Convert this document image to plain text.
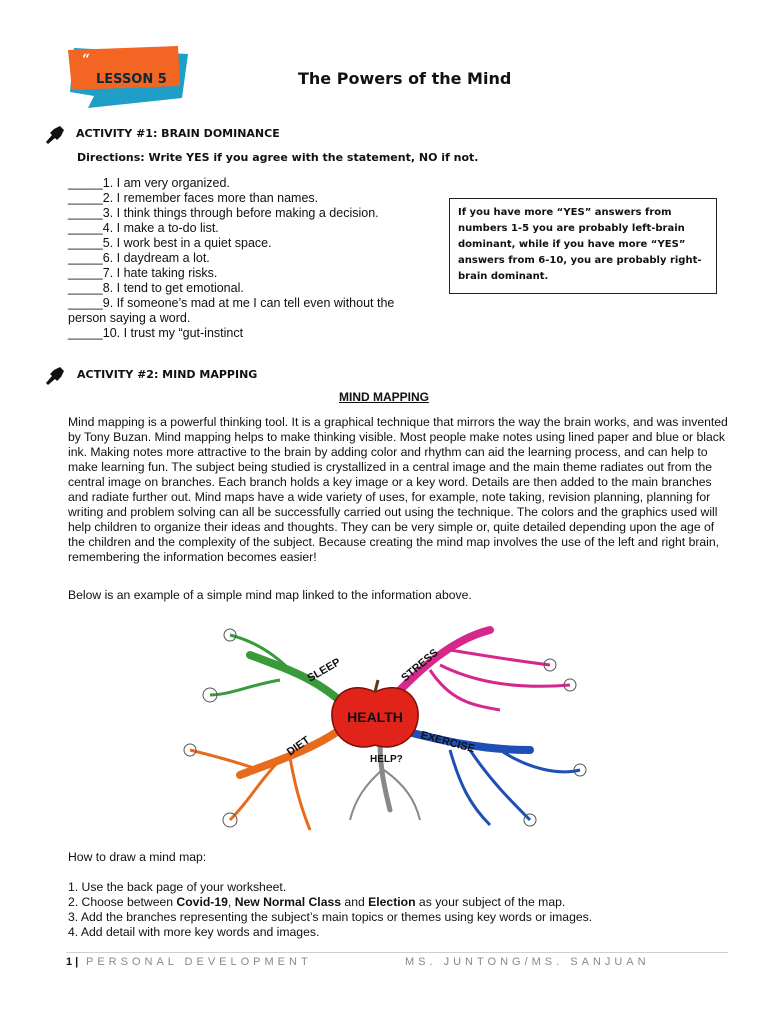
“
LESSON 5	The Powers of the Mind
ACTIVITY #1: BRAIN DOMINANCE
Directions: Write YES if you agree with the statement, NO if not.
_____1. I am very organized.
_____2. I remember faces more than names.
_____3. I think things through before making a decision.
_____4. I make a to-do list.
_____5. I work best in a quiet space.
_____6. I daydream a lot.
_____7. I hate taking risks.
_____8. I tend to get emotional.
_____9. If someone’s mad at me I can tell even without the
person saying a word.
_____10. I trust my “gut-instinct
If you have more “YES” answers from numbers 1-5 you are probably left-brain dominant, while if you have more “YES” answers from 6-10, you are probably right-brain dominant.
ACTIVITY #2: MIND MAPPING
MIND MAPPING
Mind mapping is a powerful thinking tool. It is a graphical technique that mirrors the way the brain works, and was invented by Tony Buzan. Mind mapping helps to make thinking visible. Most people make notes using lined paper and blue or black ink. Making notes more attractive to the brain by adding color and rhythm can aid the learning process, and can help to make learning fun. The subject being studied is crystallized in a central image and the main theme radiates out from the central image on branches. Each branch holds a key image or a key word. Details are then added to the main branches and radiate further out. Mind maps have a wide variety of uses, for example, note taking, revision planning, planning for writing and problem solving can all be successfully carried out using the technique. The colors and the graphics used will help children to organize their ideas and thoughts. They can be very simple or, quite detailed depending upon the age of the children and the complexity of the subject. Because creating the mind map involves the use of the left and right brain, remembering the information becomes easier!
Below is an example of a simple mind map linked to the information above.
HEALTH
SLEEP	STRESS
DIET	EXERCISE
HELP?
How to draw a mind map:
1. Use the back page of your worksheet.
2. Choose between Covid-19, New Normal Class and Election as your subject of the map.
3. Add the branches representing the subject’s main topics or themes using key words or images.
4. Add detail with more key words and images.
1 | PERSONAL DEVELOPMENT	MS. JUNTONG/MS. SANJUAN
